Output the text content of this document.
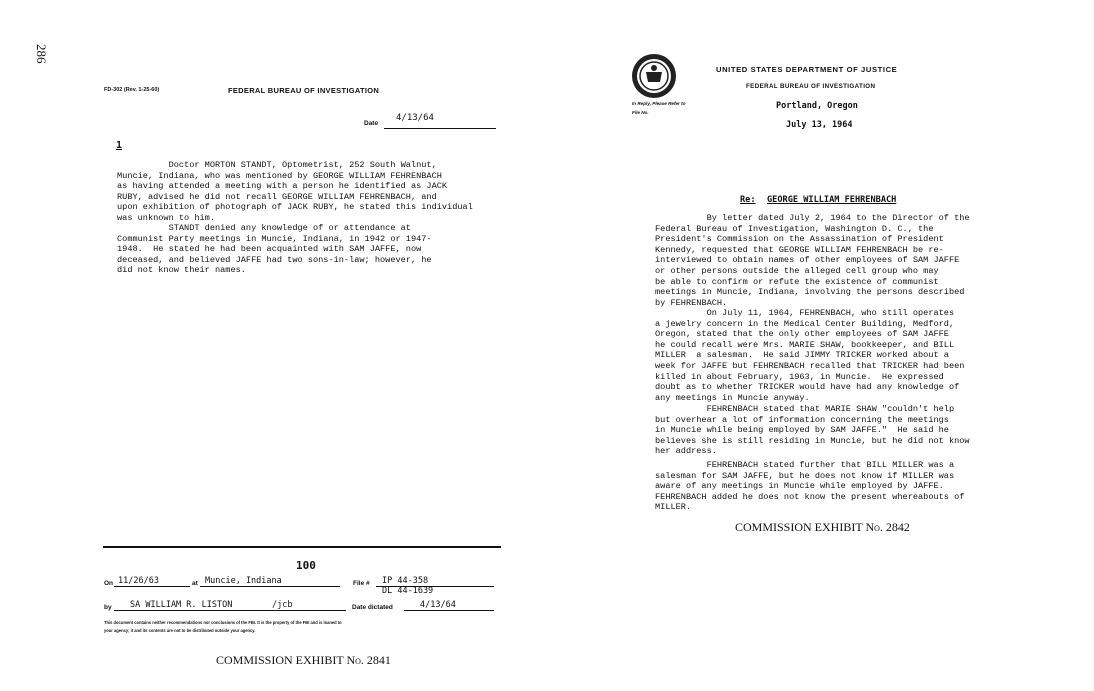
286
FD-302 (Rev. 1-25-60)	FEDERAL BUREAU OF INVESTIGATION
Date
4/13/64
1
Doctor MORTON STANDT, Optometrist, 252 South Walnut,
Muncie, Indiana, who was mentioned by GEORGE WILLIAM FEHRENBACH
as having attended a meeting with a person he identified as JACK
RUBY, advised he did not recall GEORGE WILLIAM FEHRENBACH, and
upon exhibition of photograph of JACK RUBY, he stated this individual
was unknown to him.
STANDT denied any knowledge of or attendance at
Communist Party meetings in Muncie, Indiana, in 1942 or 1947-
1948.  He stated he had been acquainted with SAM JAFFE, now
deceased, and believed JAFFE had two sons-in-law; however, he
did not know their names.
100
On 11/26/63	at Muncie, Indiana	File # IP 44-358
DL 44-1639
by SA WILLIAM R. LISTON	/jcb	Date dictated	4/13/64
This document contains neither recommendations nor conclusions of the FBI. It is the property of the FBI and is loaned to
your agency; it and its contents are not to be distributed outside your agency.
COMMISSION EXHIBIT No. 2841
UNITED STATES DEPARTMENT OF JUSTICE
FEDERAL BUREAU OF INVESTIGATION
Portland, Oregon
July 13, 1964
In Reply, Please Refer to
File No.
Re: GEORGE WILLIAM FEHRENBACH
By letter dated July 2, 1964 to the Director of the
Federal Bureau of Investigation, Washington D. C., the
President's Commission on the Assassination of President
Kennedy, requested that GEORGE WILLIAM FEHRENBACH be re-
interviewed to obtain names of other employees of SAM JAFFE
or other persons outside the alleged cell group who may
be able to confirm or refute the existence of communist
meetings in Muncie, Indiana, involving the persons described
by FEHRENBACH.
On July 11, 1964, FEHRENBACH, who still operates
a jewelry concern in the Medical Center Building, Medford,
Oregon, stated that the only other employees of SAM JAFFE
he could recall were Mrs. MARIE SHAW, bookkeeper, and BILL
MILLER  a salesman.  He said JIMMY TRICKER worked about a
week for JAFFE but FEHRENBACH recalled that TRICKER had been
killed in about February, 1963, in Muncie.  He expressed
doubt as to whether TRICKER would have had any knowledge of
any meetings in Muncie anyway.
FEHRENBACH stated that MARIE SHAW "couldn't help
but overhear a lot of information concerning the meetings
in Muncie while being employed by SAM JAFFE."  He said he
believes she is still residing in Muncie, but he did not know
her address.
FEHRENBACH stated further that BILL MILLER was a
salesman for SAM JAFFE, but he does not know if MILLER was
aware of any meetings in Muncie while employed by JAFFE.
FEHRENBACH added he does not know the present whereabouts of
MILLER.
COMMISSION EXHIBIT No. 2842
